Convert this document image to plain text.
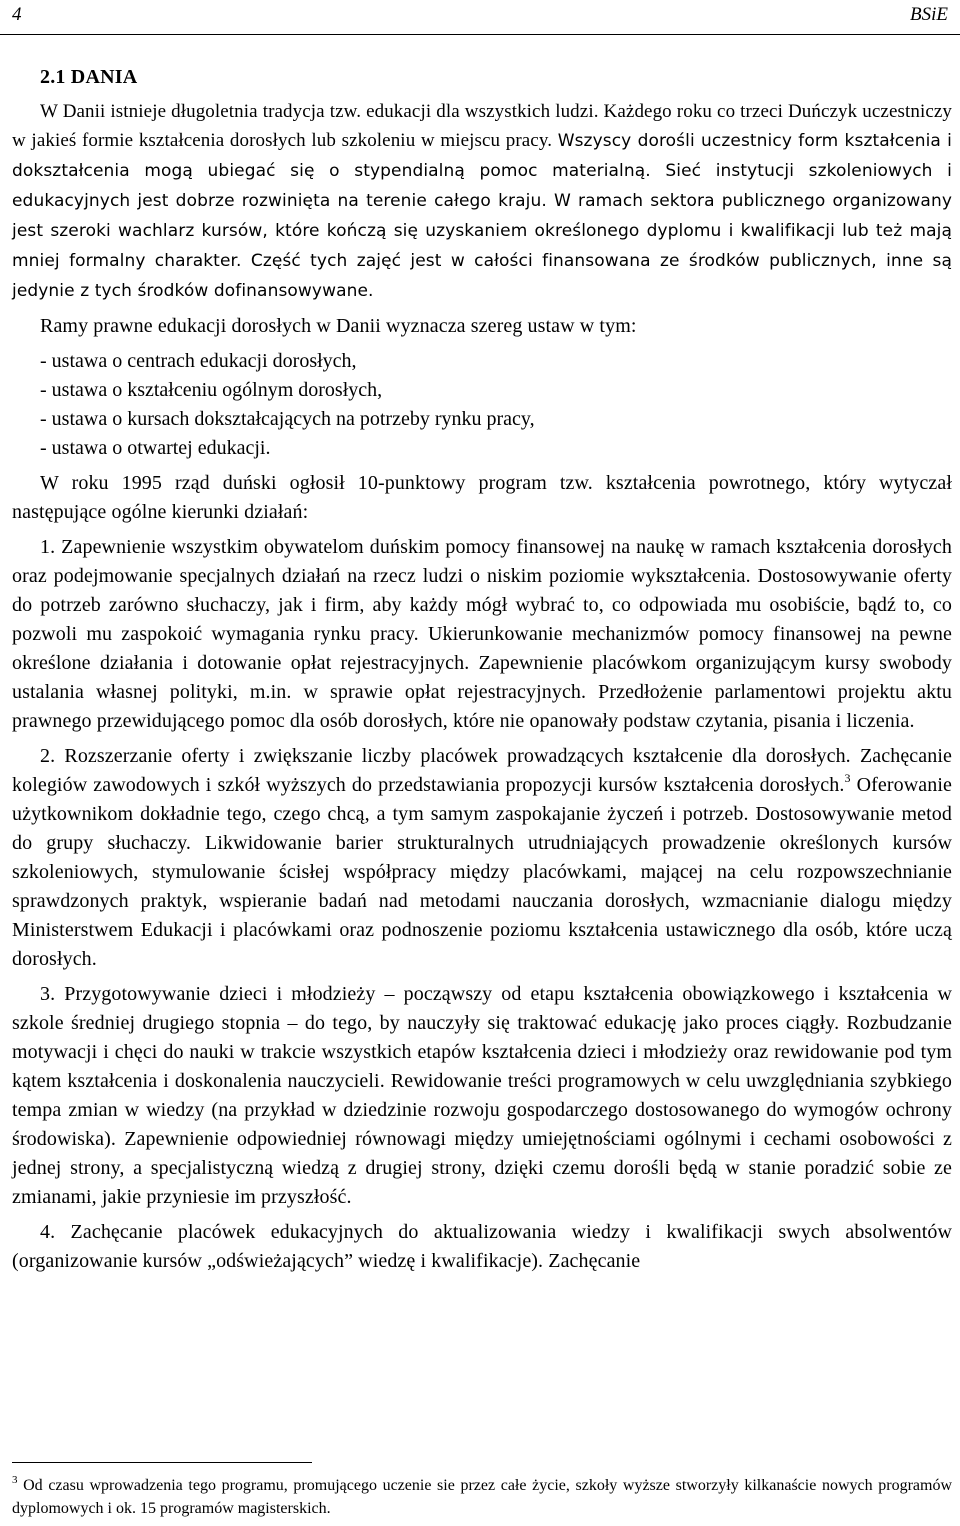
4	BSiE
2.1 DANIA

W Danii istnieje długoletnia tradycja tzw. edukacji dla wszystkich ludzi. Każdego roku co trzeci Duńczyk uczestniczy w jakieś formie kształcenia dorosłych lub szkoleniu w miejscu pracy. Wszyscy dorośli uczestnicy form kształcenia i dokształcenia mogą ubiegać się o stypendialną pomoc materialną. Sieć instytucji szkoleniowych i edukacyjnych jest dobrze rozwinięta na terenie całego kraju. W ramach sektora publicznego organizowany jest szeroki wachlarz kursów, które kończą się uzyskaniem określonego dyplomu i kwalifikacji lub też mają mniej formalny charakter. Część tych zajęć jest w całości finansowana ze środków publicznych, inne są jedynie z tych środków dofinansowywane.

Ramy prawne edukacji dorosłych w Danii wyznacza szereg ustaw w tym:

- ustawa o centrach edukacji dorosłych,
- ustawa o kształceniu ogólnym dorosłych,
- ustawa o kursach dokształcających na potrzeby rynku pracy,
- ustawa o otwartej edukacji.

W roku 1995 rząd duński ogłosił 10-punktowy program tzw. kształcenia powrotnego, który wytyczał następujące ogólne kierunki działań:

1. Zapewnienie wszystkim obywatelom duńskim pomocy finansowej na naukę w ramach kształcenia dorosłych oraz podejmowanie specjalnych działań na rzecz ludzi o niskim poziomie wykształcenia. Dostosowywanie oferty do potrzeb zarówno słuchaczy, jak i firm, aby każdy mógł wybrać to, co odpowiada mu osobiście, bądź to, co pozwoli mu zaspokoić wymagania rynku pracy. Ukierunkowanie mechanizmów pomocy finansowej na pewne określone działania i dotowanie opłat rejestracyjnych. Zapewnienie placówkom organizującym kursy swobody ustalania własnej polityki, m.in. w sprawie opłat rejestracyjnych. Przedłożenie parlamentowi projektu aktu prawnego przewidującego pomoc dla osób dorosłych, które nie opanowały podstaw czytania, pisania i liczenia.

2. Rozszerzanie oferty i zwiększanie liczby placówek prowadzących kształcenie dla dorosłych. Zachęcanie kolegiów zawodowych i szkół wyższych do przedstawiania propozycji kursów kształcenia dorosłych.$^3$ Oferowanie użytkownikom dokładnie tego, czego chcą, a tym samym zaspokajanie życzeń i potrzeb. Dostosowywanie metod do grupy słuchaczy. Likwidowanie barier strukturalnych utrudniających prowadzenie określonych kursów szkoleniowych, stymulowanie ścisłej współpracy między placówkami, mającej na celu rozpowszechnianie sprawdzonych praktyk, wspieranie badań nad metodami nauczania dorosłych, wzmacnianie dialogu między Ministerstwem Edukacji i placówkami oraz podnoszenie poziomu kształcenia ustawicznego dla osób, które uczą dorosłych.

3. Przygotowywanie dzieci i młodzieży – począwszy od etapu kształcenia obowiązkowego i kształcenia w szkole średniej drugiego stopnia – do tego, by nauczyły się traktować edukację jako proces ciągły. Rozbudzanie motywacji i chęci do nauki w trakcie wszystkich etapów kształcenia dzieci i młodzieży oraz rewidowanie pod tym kątem kształcenia i doskonalenia nauczycieli. Rewidowanie treści programowych w celu uwzględniania szybkiego tempa zmian w wiedzy (na przykład w dziedzinie rozwoju gospodarczego dostosowanego do wymogów ochrony środowiska). Zapewnienie odpowiedniej równowagi między umiejętnościami ogólnymi i cechami osobowości z jednej strony, a specjalistyczną wiedzą z drugiej strony, dzięki czemu dorośli będą w stanie poradzić sobie ze zmianami, jakie przyniesie im przyszłość.

4. Zachęcanie placówek edukacyjnych do aktualizowania wiedzy i kwalifikacji swych absolwentów (organizowanie kursów „odświeżających” wiedzę i kwalifikacje). Zachęcanie

$^3$ Od czasu wprowadzenia tego programu, promującego uczenie sie przez całe życie, szkoły wyższe stworzyły kilkanaście nowych programów dyplomowych i ok. 15 programów magisterskich.
